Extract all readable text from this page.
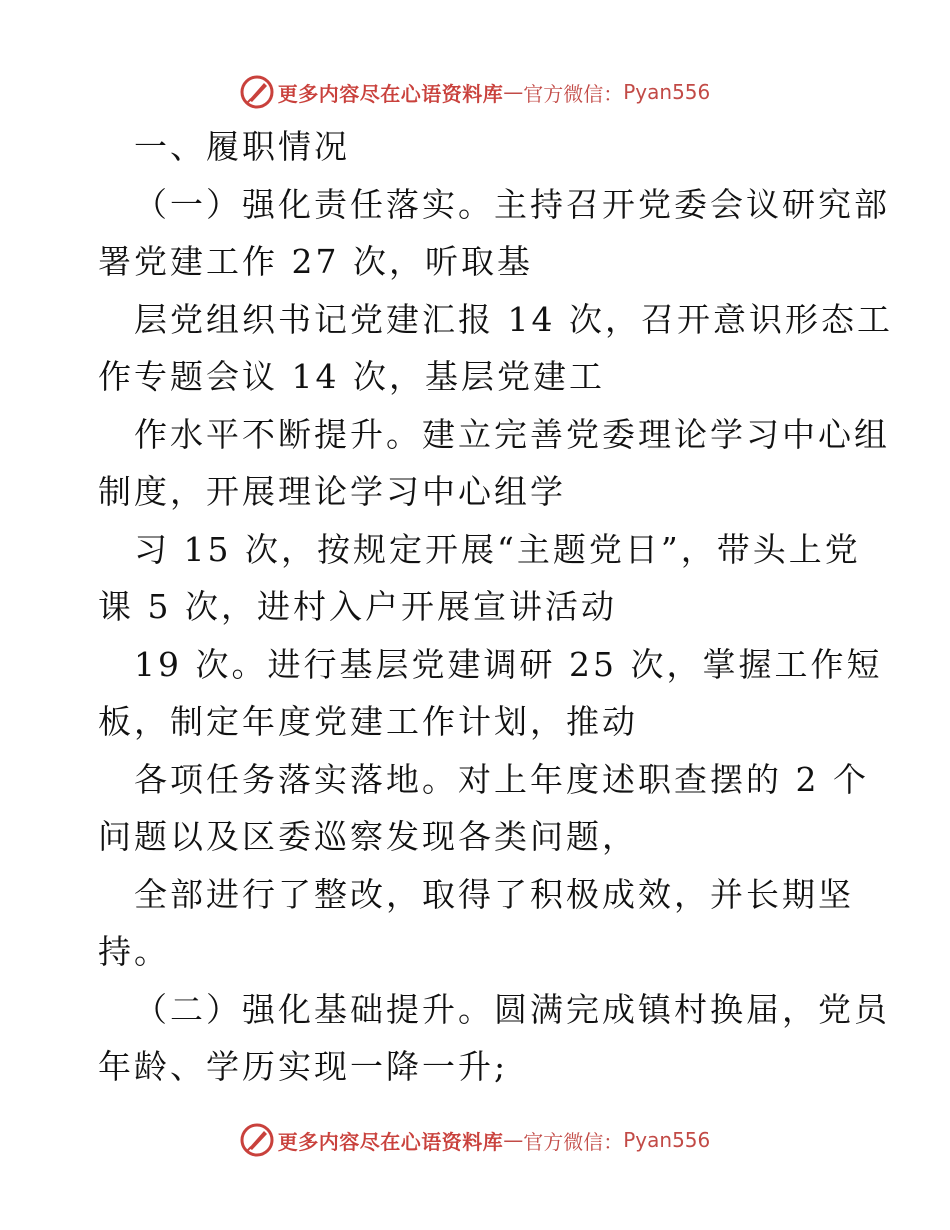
更多内容尽在心语资料库 — 官方微信： Pyan556
一、履职情况
（一）强化责任落实。主持召开党委会议研究部
署党建工作 27 次，听取基
层党组织书记党建汇报 14 次，召开意识形态工
作专题会议 14 次，基层党建工
作水平不断提升。建立完善党委理论学习中心组
制度，开展理论学习中心组学
习 15 次，按规定开展“主题党日”，带头上党
课 5 次，进村入户开展宣讲活动
19 次。进行基层党建调研 25 次，掌握工作短
板，制定年度党建工作计划，推动
各项任务落实落地。对上年度述职查摆的 2 个
问题以及区委巡察发现各类问题，
全部进行了整改，取得了积极成效，并长期坚
持。
（二）强化基础提升。圆满完成镇村换届，党员
年龄、学历实现一降一升;
更多内容尽在心语资料库 — 官方微信： Pyan556
